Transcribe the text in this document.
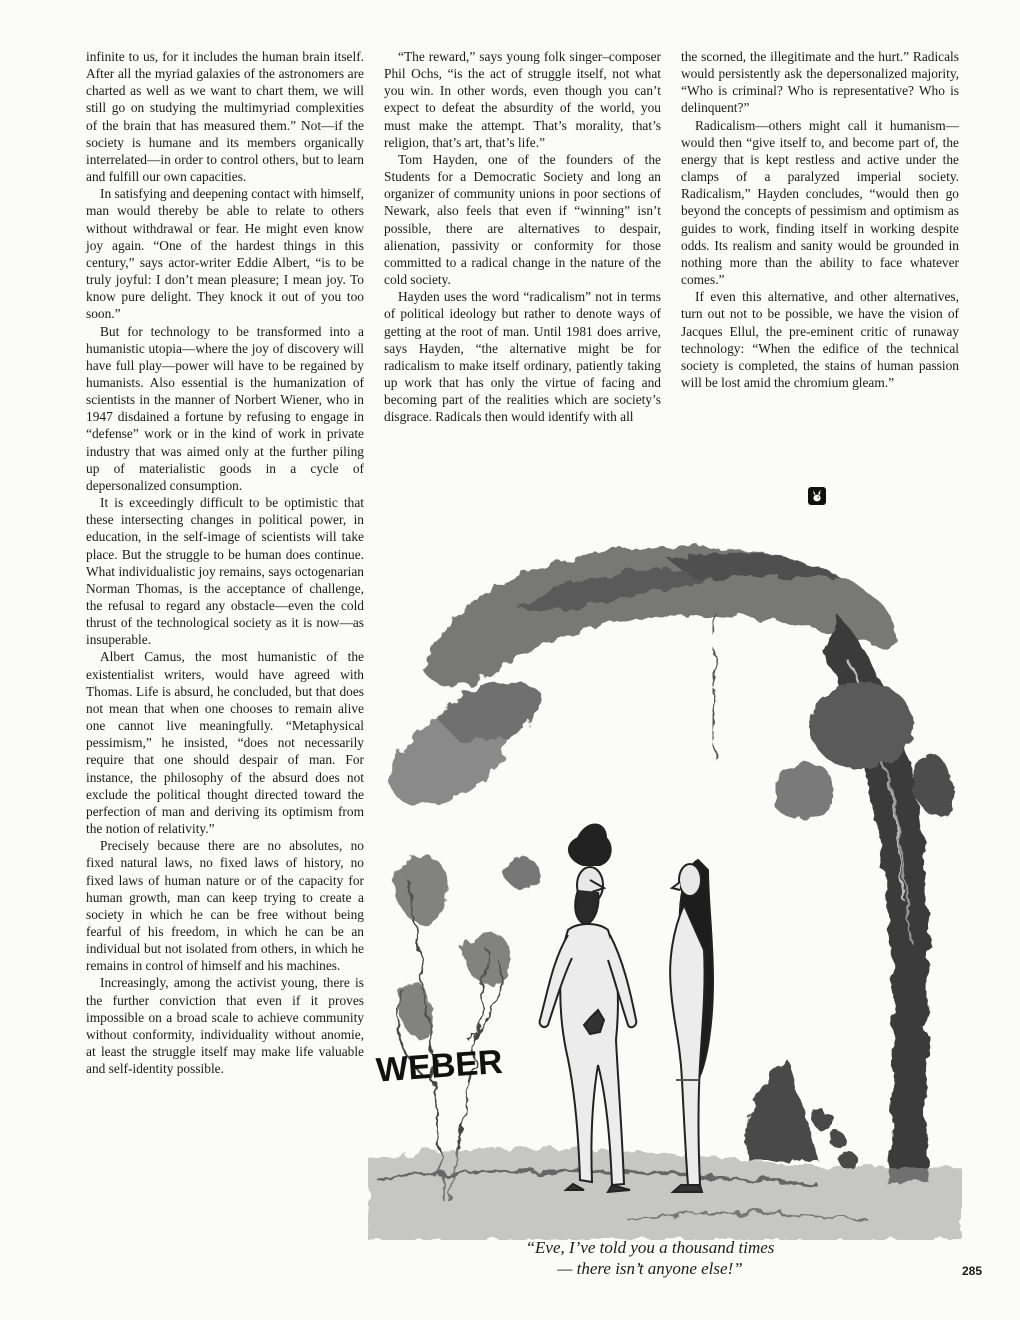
infinite to us, for it includes the human brain itself. After all the myriad galaxies of the astronomers are charted as well as we want to chart them, we will still go on studying the multimyriad complexities of the brain that has measured them.” Not—if the society is humane and its members organically interrelated—in order to control others, but to learn and fulfill our own capacities.

In satisfying and deepening contact with himself, man would thereby be able to relate to others without withdrawal or fear. He might even know joy again. “One of the hardest things in this century,” says actor-writer Eddie Albert, “is to be truly joyful: I don’t mean pleasure; I mean joy. To know pure delight. They knock it out of you too soon.”

But for technology to be transformed into a humanistic utopia—where the joy of discovery will have full play—power will have to be regained by humanists. Also essential is the humanization of scientists in the manner of Norbert Wiener, who in 1947 disdained a fortune by refusing to engage in “defense” work or in the kind of work in private industry that was aimed only at the further piling up of materialistic goods in a cycle of depersonalized consumption.

It is exceedingly difficult to be optimistic that these intersecting changes in political power, in education, in the self-image of scientists will take place. But the struggle to be human does continue. What individualistic joy remains, says octogenarian Norman Thomas, is the acceptance of challenge, the refusal to regard any obstacle—even the cold thrust of the technological society as it is now—as insuperable.

Albert Camus, the most humanistic of the existentialist writers, would have agreed with Thomas. Life is absurd, he concluded, but that does not mean that when one chooses to remain alive one cannot live meaningfully. “Metaphysical pessimism,” he insisted, “does not necessarily require that one should despair of man. For instance, the philosophy of the absurd does not exclude the political thought directed toward the perfection of man and deriving its optimism from the notion of relativity.”

Precisely because there are no absolutes, no fixed natural laws, no fixed laws of history, no fixed laws of human nature or of the capacity for human growth, man can keep trying to create a society in which he can be free without being fearful of his freedom, in which he can be an individual but not isolated from others, in which he remains in control of himself and his machines.

Increasingly, among the activist young, there is the further conviction that even if it proves impossible on a broad scale to achieve community without conformity, individuality without anomie, at least the struggle itself may make life valuable and self-identity possible.

“The reward,” says young folk singer–composer Phil Ochs, “is the act of struggle itself, not what you win. In other words, even though you can’t expect to defeat the absurdity of the world, you must make the attempt. That’s morality, that’s religion, that’s art, that’s life.”

Tom Hayden, one of the founders of the Students for a Democratic Society and long an organizer of community unions in poor sections of Newark, also feels that even if “winning” isn’t possible, there are alternatives to despair, alienation, passivity or conformity for those committed to a radical change in the nature of the cold society.

Hayden uses the word “radicalism” not in terms of political ideology but rather to denote ways of getting at the root of man. Until 1981 does arrive, says Hayden, “the alternative might be for radicalism to make itself ordinary, patiently taking up work that has only the virtue of facing and becoming part of the realities which are society’s disgrace. Radicals then would identify with all

the scorned, the illegitimate and the hurt.” Radicals would persistently ask the depersonalized majority, “Who is criminal? Who is representative? Who is delinquent?”

Radicalism—others might call it humanism—would then “give itself to, and become part of, the energy that is kept restless and active under the clamps of a paralyzed imperial society. Radicalism,” Hayden concludes, “would then go beyond the concepts of pessimism and optimism as guides to work, finding itself in working despite odds. Its realism and sanity would be grounded in nothing more than the ability to face whatever comes.”

If even this alternative, and other alternatives, turn out not to be possible, we have the vision of Jacques Ellul, the pre-eminent critic of runaway technology: “When the edifice of the technical society is completed, the stains of human passion will be lost amid the chromium gleam.”

WEBER
“Eve, I’ve told you a thousand times
— there isn’t anyone else!”	285
